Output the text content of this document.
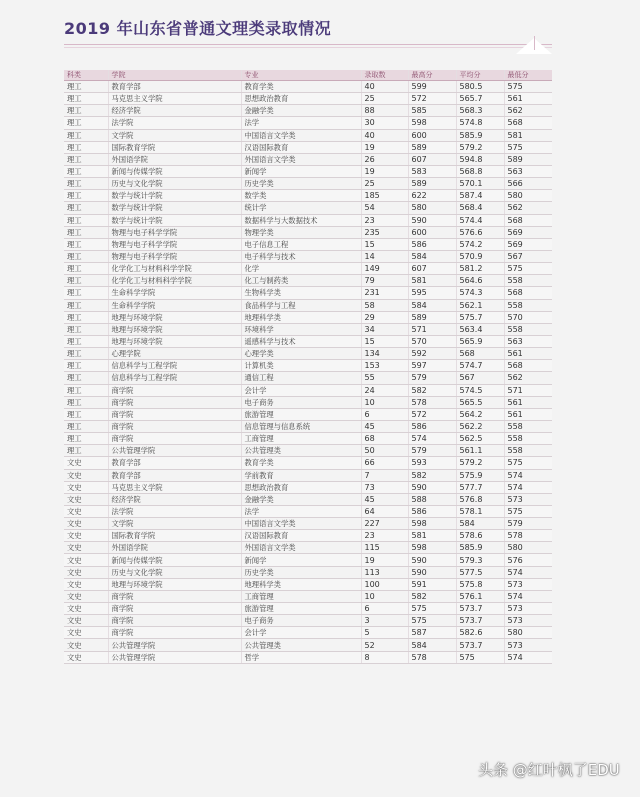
2019 年山东省普通文理类录取情况
科类	学院	专业	录取数	最高分	平均分	最低分
理工	教育学部	教育学类	40	599	580.5	575
理工	马克思主义学院	思想政治教育	25	572	565.7	561
理工	经济学院	金融学类	88	585	568.3	562
理工	法学院	法学	30	598	574.8	568
理工	文学院	中国语言文学类	40	600	585.9	581
理工	国际教育学院	汉语国际教育	19	589	579.2	575
理工	外国语学院	外国语言文学类	26	607	594.8	589
理工	新闻与传媒学院	新闻学	19	583	568.8	563
理工	历史与文化学院	历史学类	25	589	570.1	566
理工	数学与统计学院	数学类	185	622	587.4	580
理工	数学与统计学院	统计学	54	580	568.4	562
理工	数学与统计学院	数据科学与大数据技术	23	590	574.4	568
理工	物理与电子科学学院	物理学类	235	600	576.6	569
理工	物理与电子科学学院	电子信息工程	15	586	574.2	569
理工	物理与电子科学学院	电子科学与技术	14	584	570.9	567
理工	化学化工与材料科学学院	化学	149	607	581.2	575
理工	化学化工与材料科学学院	化工与制药类	79	581	564.6	558
理工	生命科学学院	生物科学类	231	595	574.3	568
理工	生命科学学院	食品科学与工程	58	584	562.1	558
理工	地理与环境学院	地理科学类	29	589	575.7	570
理工	地理与环境学院	环境科学	34	571	563.4	558
理工	地理与环境学院	遥感科学与技术	15	570	565.9	563
理工	心理学院	心理学类	134	592	568	561
理工	信息科学与工程学院	计算机类	153	597	574.7	568
理工	信息科学与工程学院	通信工程	55	579	567	562
理工	商学院	会计学	24	582	574.5	571
理工	商学院	电子商务	10	578	565.5	561
理工	商学院	旅游管理	6	572	564.2	561
理工	商学院	信息管理与信息系统	45	586	562.2	558
理工	商学院	工商管理	68	574	562.5	558
理工	公共管理学院	公共管理类	50	579	561.1	558
文史	教育学部	教育学类	66	593	579.2	575
文史	教育学部	学前教育	7	582	575.9	574
文史	马克思主义学院	思想政治教育	73	590	577.7	574
文史	经济学院	金融学类	45	588	576.8	573
文史	法学院	法学	64	586	578.1	575
文史	文学院	中国语言文学类	227	598	584	579
文史	国际教育学院	汉语国际教育	23	581	578.6	578
文史	外国语学院	外国语言文学类	115	598	585.9	580
文史	新闻与传媒学院	新闻学	19	590	579.3	576
文史	历史与文化学院	历史学类	113	590	577.5	574
文史	地理与环境学院	地理科学类	100	591	575.8	573
文史	商学院	工商管理	10	582	576.1	574
文史	商学院	旅游管理	6	575	573.7	573
文史	商学院	电子商务	3	575	573.7	573
文史	商学院	会计学	5	587	582.6	580
文史	公共管理学院	公共管理类	52	584	573.7	573
文史	公共管理学院	哲学	8	578	575	574
头条 @红叶枫了EDU
